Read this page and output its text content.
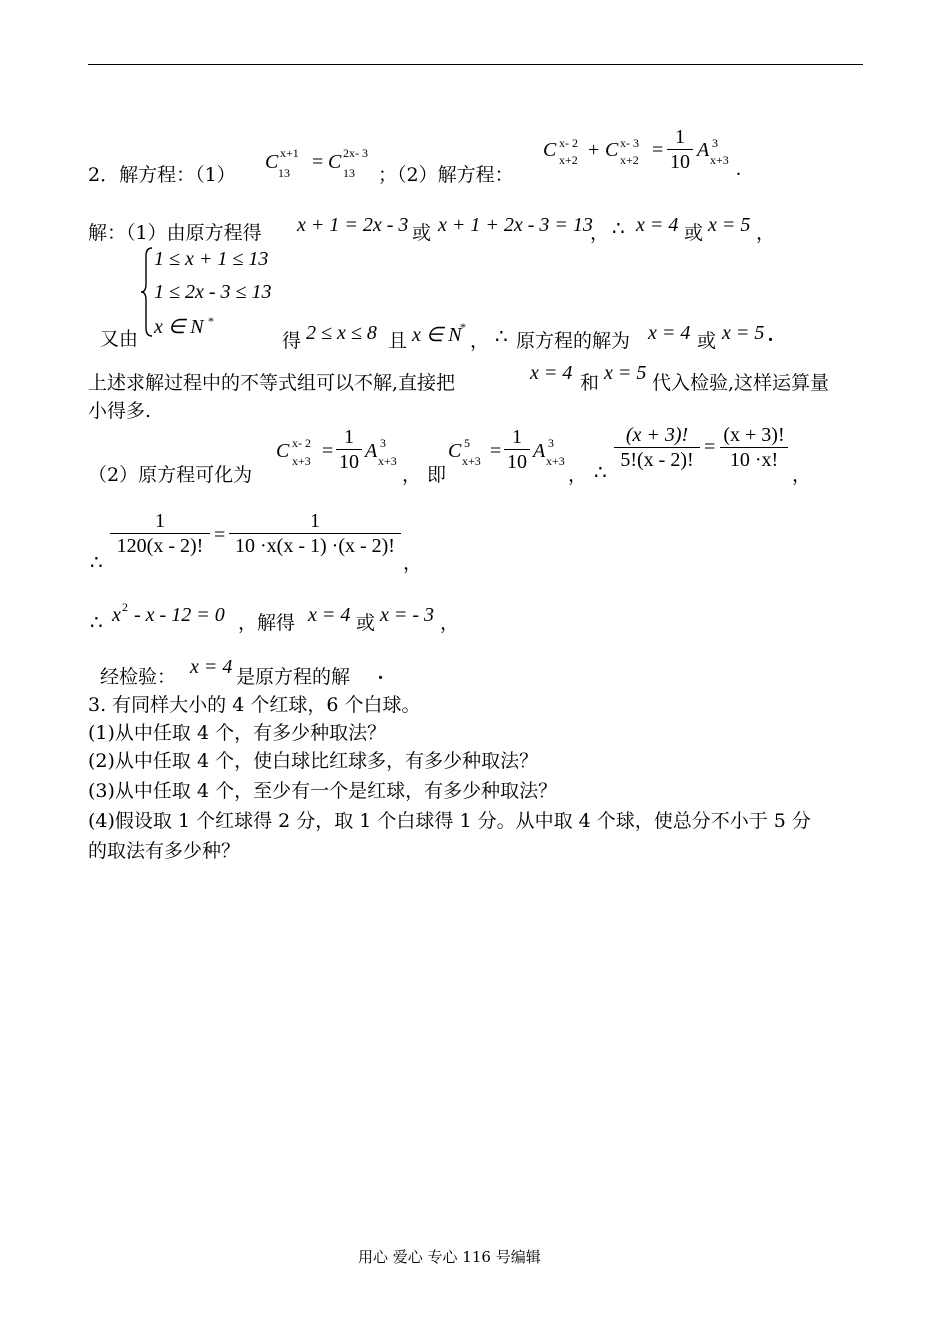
2．解方程：（1）
C x+1
13 = C 2x- 3
13 ；（2）解方程：
C x- 2
x+2 + C x- 3
x+2 =
1
10
A 3
x+3 .
解：（1）由原方程得 x + 1 = 2x - 3 或 x + 1 + 2x - 3 = 13
， ∴ x = 4 或 x = 5 ，
1 ≤ x + 1 ≤ 13
1 ≤ 2x - 3 ≤ 13
x ∈ N *
又由	得 2 ≤ x ≤ 8 且 x ∈ N
*
， ∴ 原方程的解为 x = 4 或 x = 5 .
上述求解过程中的不等式组可以不解,直接把	x = 4 和 x = 5 代入检验,这样运算量
小得多.
（2）原方程可化为
C x- 2
x+3 =
1
10 A 3
x+3
， 即
C 5
x+3 =
1
10 A 3
x+3
， ∴
(x + 3)!
5!(x - 2)!
=
(x + 3)!
10 ·x!
，
∴
1
120(x - 2)! =
1
10 ·x(x - 1) ·(x - 2)!
，
∴ x 2 - x - 12 = 0 ，解得 x = 4 或 x = - 3 ，
经检验： x = 4 是原方程的解 .
3. 有同样大小的 4 个红球，6 个白球。
(1)从中任取 4 个，有多少种取法？
(2)从中任取 4 个，使白球比红球多，有多少种取法？
(3)从中任取 4 个，至少有一个是红球，有多少种取法？
(4)假设取 1 个红球得 2 分，取 1 个白球得 1 分。从中取 4 个球，使总分不小于 5 分
的取法有多少种？
用心 爱心 专心 116 号编辑
